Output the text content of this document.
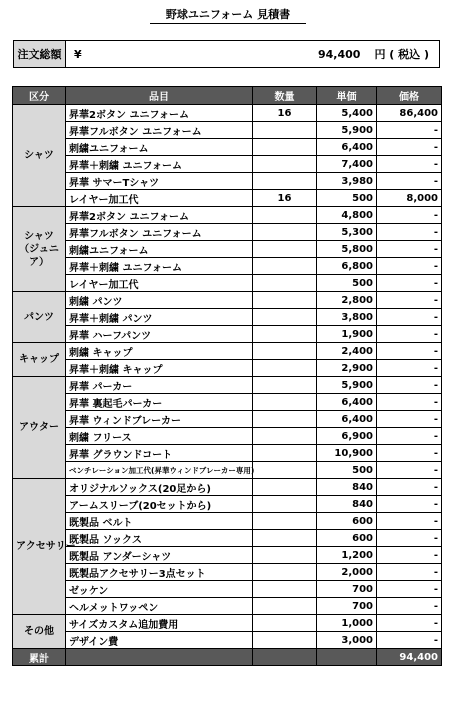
野球ユニフォーム 見積書
注文総額	¥	94,400 円 ( 税込 )
区分	品目	数量	単価	価格
シャツ	昇華2ボタン ユニフォーム	16	5,400	86,400
	昇華フルボタン ユニフォーム		5,900	-
	刺繍ユニフォーム		6,400	-
	昇華＋刺繍 ユニフォーム		7,400	-
	昇華 サマーTシャツ		3,980	-
	レイヤー加工代	16	500	8,000
シャツ
（ジュニア）	昇華2ボタン ユニフォーム		4,800	-
	昇華フルボタン ユニフォーム		5,300	-
	刺繍ユニフォーム		5,800	-
	昇華＋刺繍 ユニフォーム		6,800	-
	レイヤー加工代		500	-
パンツ	刺繍 パンツ		2,800	-
	昇華＋刺繍 パンツ		3,800	-
	昇華 ハーフパンツ		1,900	-
キャップ	刺繍 キャップ		2,400	-
	昇華＋刺繍 キャップ		2,900	-
アウター	昇華 パーカー		5,900	-
	昇華 裏起毛パーカー		6,400	-
	昇華 ウィンドブレーカー		6,400	-
	刺繍 フリース		6,900	-
	昇華 グラウンドコート		10,900	-
	ベンチレーション加工代(昇華ウィンドブレーカー専用)		500	-
アクセサリー	オリジナルソックス(20足から)		840	-
	アームスリーブ(20セットから)		840	-
	既製品 ベルト		600	-
	既製品 ソックス		600	-
	既製品 アンダーシャツ		1,200	-
	既製品アクセサリー3点セット		2,000	-
	ゼッケン		700	-
	ヘルメットワッペン		700	-
その他	サイズカスタム追加費用		1,000	-
	デザイン費		3,000	-
累計				94,400
